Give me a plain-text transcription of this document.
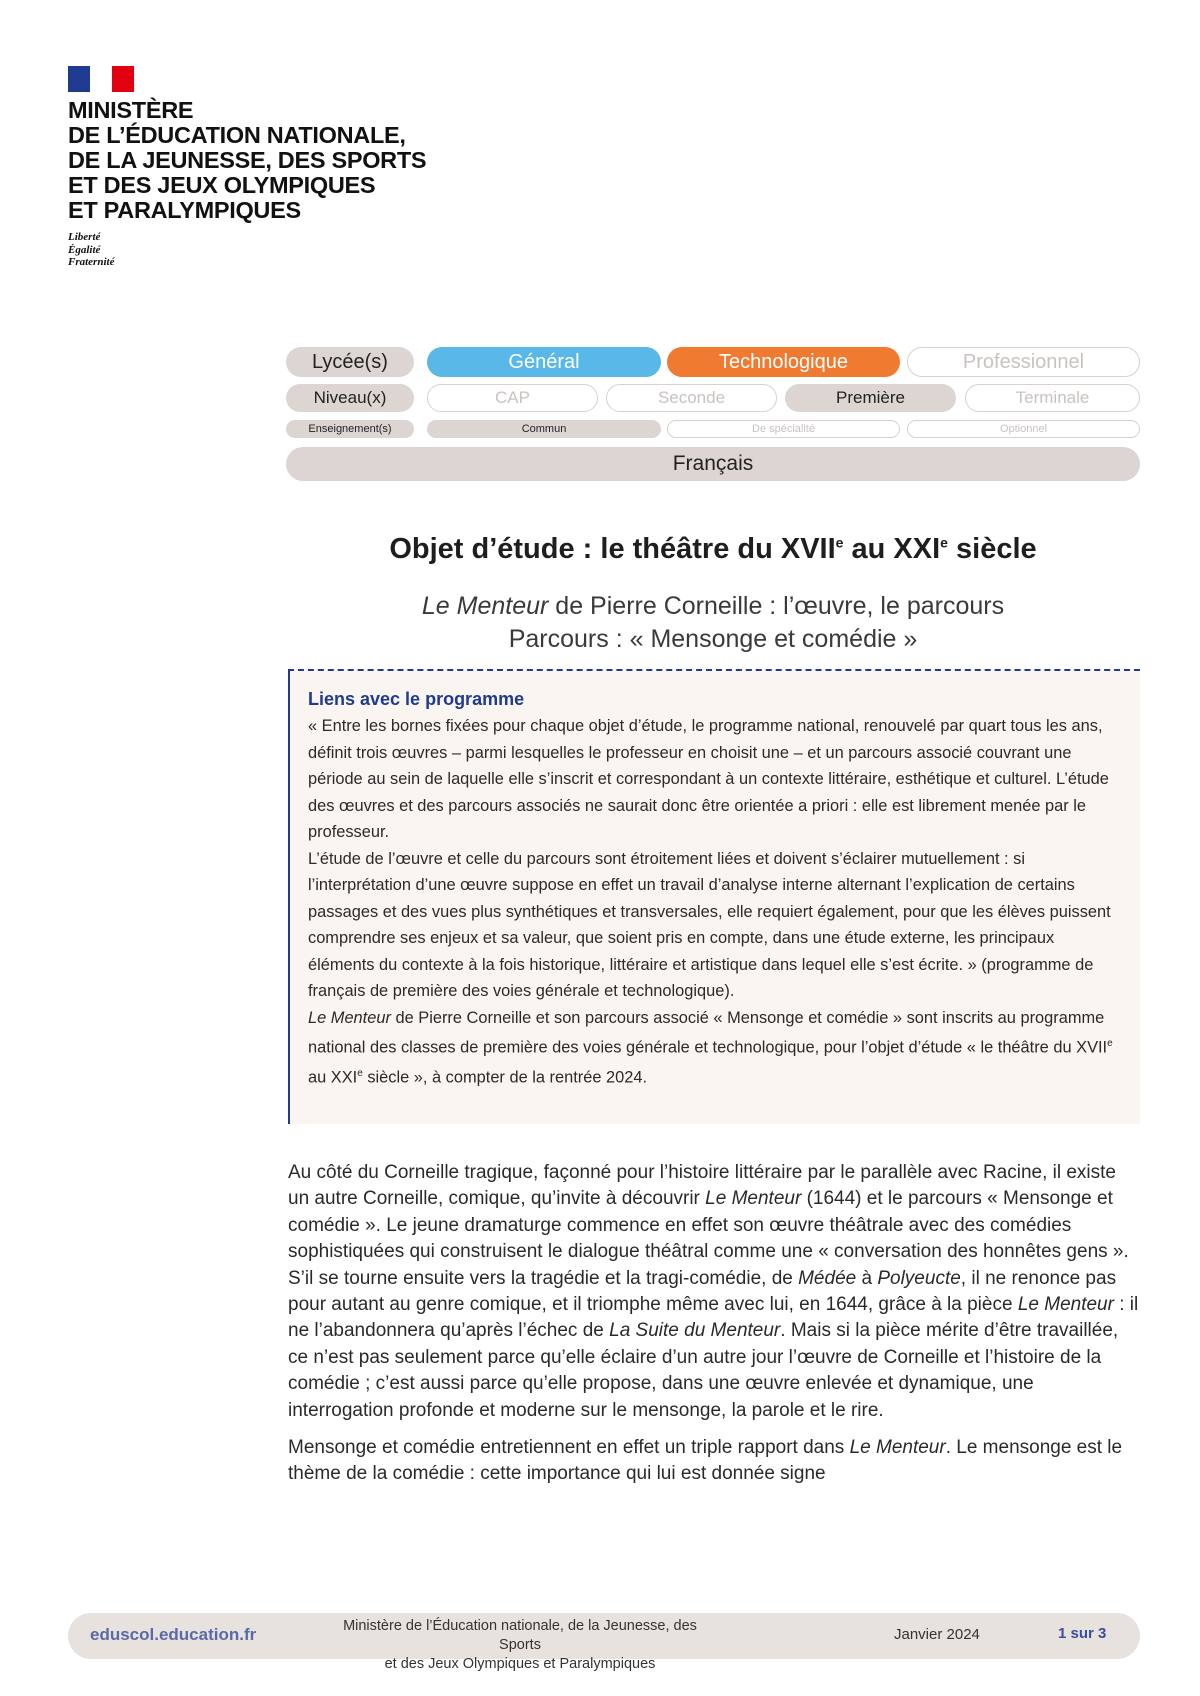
MINISTÈRE
DE L’ÉDUCATION NATIONALE,
DE LA JEUNESSE, DES SPORTS
ET DES JEUX OLYMPIQUES
ET PARALYMPIQUES
Liberté
Égalité
Fraternité
Lycée(s)	Général	Technologique	Professionnel
Niveau(x)	CAP	Seconde	Première	Terminale
Enseignement(s)	Commun	De spécialité	Optionnel
Français
Objet d’étude : le théâtre du XVIIe au XXIe siècle
Le Menteur de Pierre Corneille : l’œuvre, le parcours
Parcours : « Mensonge et comédie »
Liens avec le programme

« Entre les bornes fixées pour chaque objet d’étude, le programme national, renouvelé par quart tous les ans, définit trois œuvres – parmi lesquelles le professeur en choisit une – et un parcours associé couvrant une période au sein de laquelle elle s’inscrit et correspondant à un contexte littéraire, esthétique et culturel. L’étude des œuvres et des parcours associés ne saurait donc être orientée a priori : elle est librement menée par le professeur.

L’étude de l’œuvre et celle du parcours sont étroitement liées et doivent s’éclairer mutuellement : si l’interprétation d’une œuvre suppose en effet un travail d’analyse interne alternant l’explication de certains passages et des vues plus synthétiques et transversales, elle requiert également, pour que les élèves puissent comprendre ses enjeux et sa valeur, que soient pris en compte, dans une étude externe, les principaux éléments du contexte à la fois historique, littéraire et artistique dans lequel elle s’est écrite. » (programme de français de première des voies générale et technologique).

Le Menteur de Pierre Corneille et son parcours associé « Mensonge et comédie » sont inscrits au programme national des classes de première des voies générale et technologique, pour l’objet d’étude « le théâtre du XVIIe au XXIe siècle », à compter de la rentrée 2024.

Au côté du Corneille tragique, façonné pour l’histoire littéraire par le parallèle avec Racine, il existe un autre Corneille, comique, qu’invite à découvrir Le Menteur (1644) et le parcours « Mensonge et comédie ». Le jeune dramaturge commence en effet son œuvre théâtrale avec des comédies sophistiquées qui construisent le dialogue théâtral comme une « conversation des honnêtes gens ». S’il se tourne ensuite vers la tragédie et la tragi-comédie, de Médée à Polyeucte, il ne renonce pas pour autant au genre comique, et il triomphe même avec lui, en 1644, grâce à la pièce Le Menteur : il ne l’abandonnera qu’après l’échec de La Suite du Menteur. Mais si la pièce mérite d’être travaillée, ce n’est pas seulement parce qu’elle éclaire d’un autre jour l’œuvre de Corneille et l’histoire de la comédie ; c’est aussi parce qu’elle propose, dans une œuvre enlevée et dynamique, une interrogation profonde et moderne sur le mensonge, la parole et le rire.

Mensonge et comédie entretiennent en effet un triple rapport dans Le Menteur. Le mensonge est le thème de la comédie : cette importance qui lui est donnée signe

eduscol.education.fr	Ministère de l’Éducation nationale, de la Jeunesse, des Sports
et des Jeux Olympiques et Paralympiques
Janvier 2024	1 sur 3
